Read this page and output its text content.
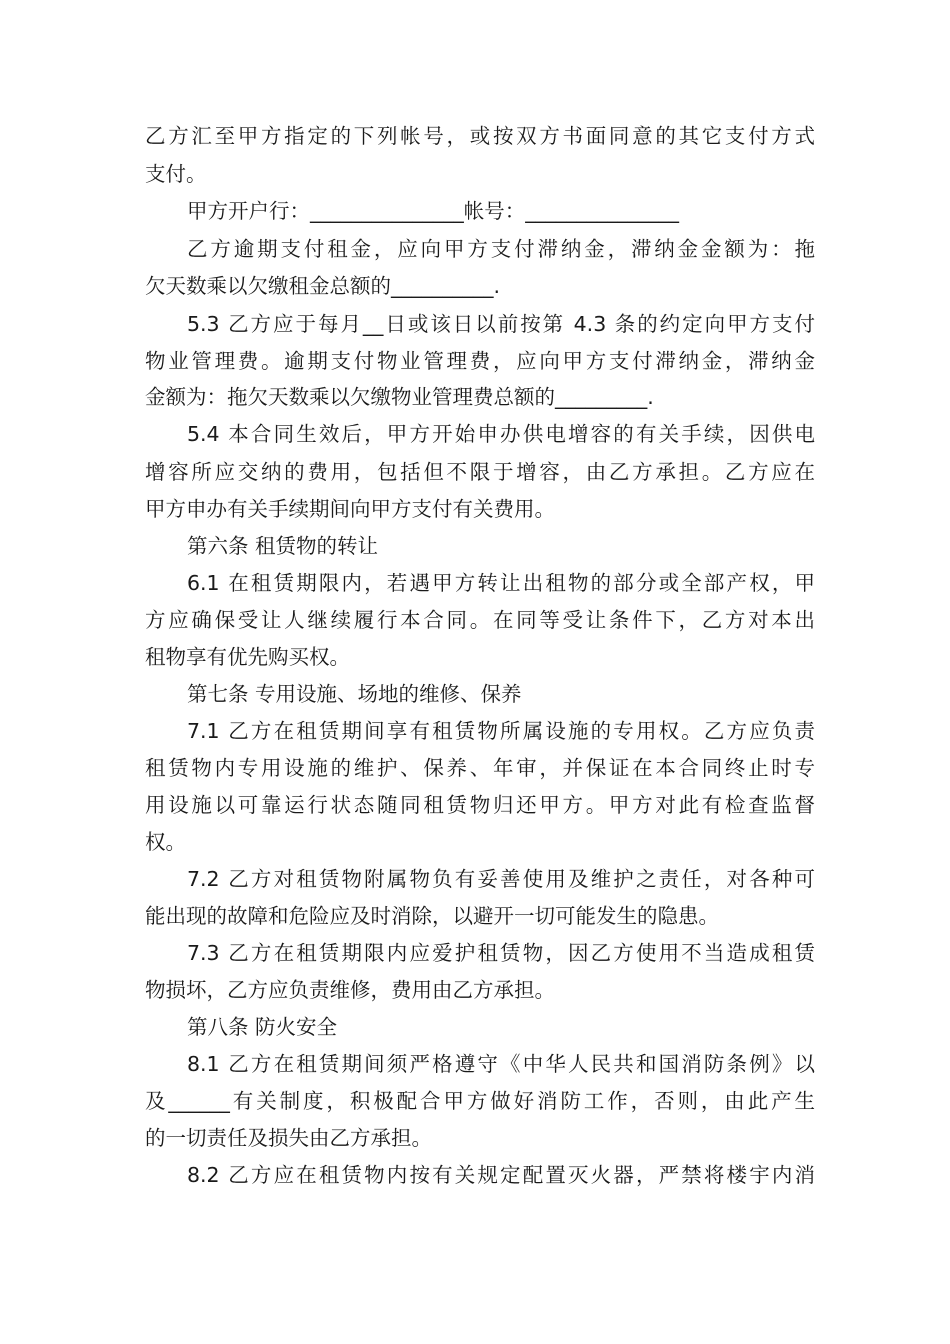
乙方汇至甲方指定的下列帐号，或按双方书面同意的其它支付方式
支付。
甲方开户行：_______________帐号：_______________
乙方逾期支付租金，应向甲方支付滞纳金，滞纳金金额为：拖
欠天数乘以欠缴租金总额的__________.
5.3 乙方应于每月__日或该日以前按第 4.3 条的约定向甲方支付
物业管理费。逾期支付物业管理费，应向甲方支付滞纳金，滞纳金
金额为：拖欠天数乘以欠缴物业管理费总额的_________.
5.4 本合同生效后，甲方开始申办供电增容的有关手续，因供电
增容所应交纳的费用，包括但不限于增容，由乙方承担。乙方应在
甲方申办有关手续期间向甲方支付有关费用。
第六条 租赁物的转让
6.1 在租赁期限内，若遇甲方转让出租物的部分或全部产权，甲
方应确保受让人继续履行本合同。在同等受让条件下，乙方对本出
租物享有优先购买权。
第七条 专用设施、场地的维修、保养
7.1 乙方在租赁期间享有租赁物所属设施的专用权。乙方应负责
租赁物内专用设施的维护、保养、年审，并保证在本合同终止时专
用设施以可靠运行状态随同租赁物归还甲方。甲方对此有检查监督
权。
7.2 乙方对租赁物附属物负有妥善使用及维护之责任，对各种可
能出现的故障和危险应及时消除，以避开一切可能发生的隐患。
7.3 乙方在租赁期限内应爱护租赁物，因乙方使用不当造成租赁
物损坏，乙方应负责维修，费用由乙方承担。
第八条 防火安全
8.1 乙方在租赁期间须严格遵守《中华人民共和国消防条例》以
及______有关制度，积极配合甲方做好消防工作，否则，由此产生
的一切责任及损失由乙方承担。
8.2 乙方应在租赁物内按有关规定配置灭火器，严禁将楼宇内消
